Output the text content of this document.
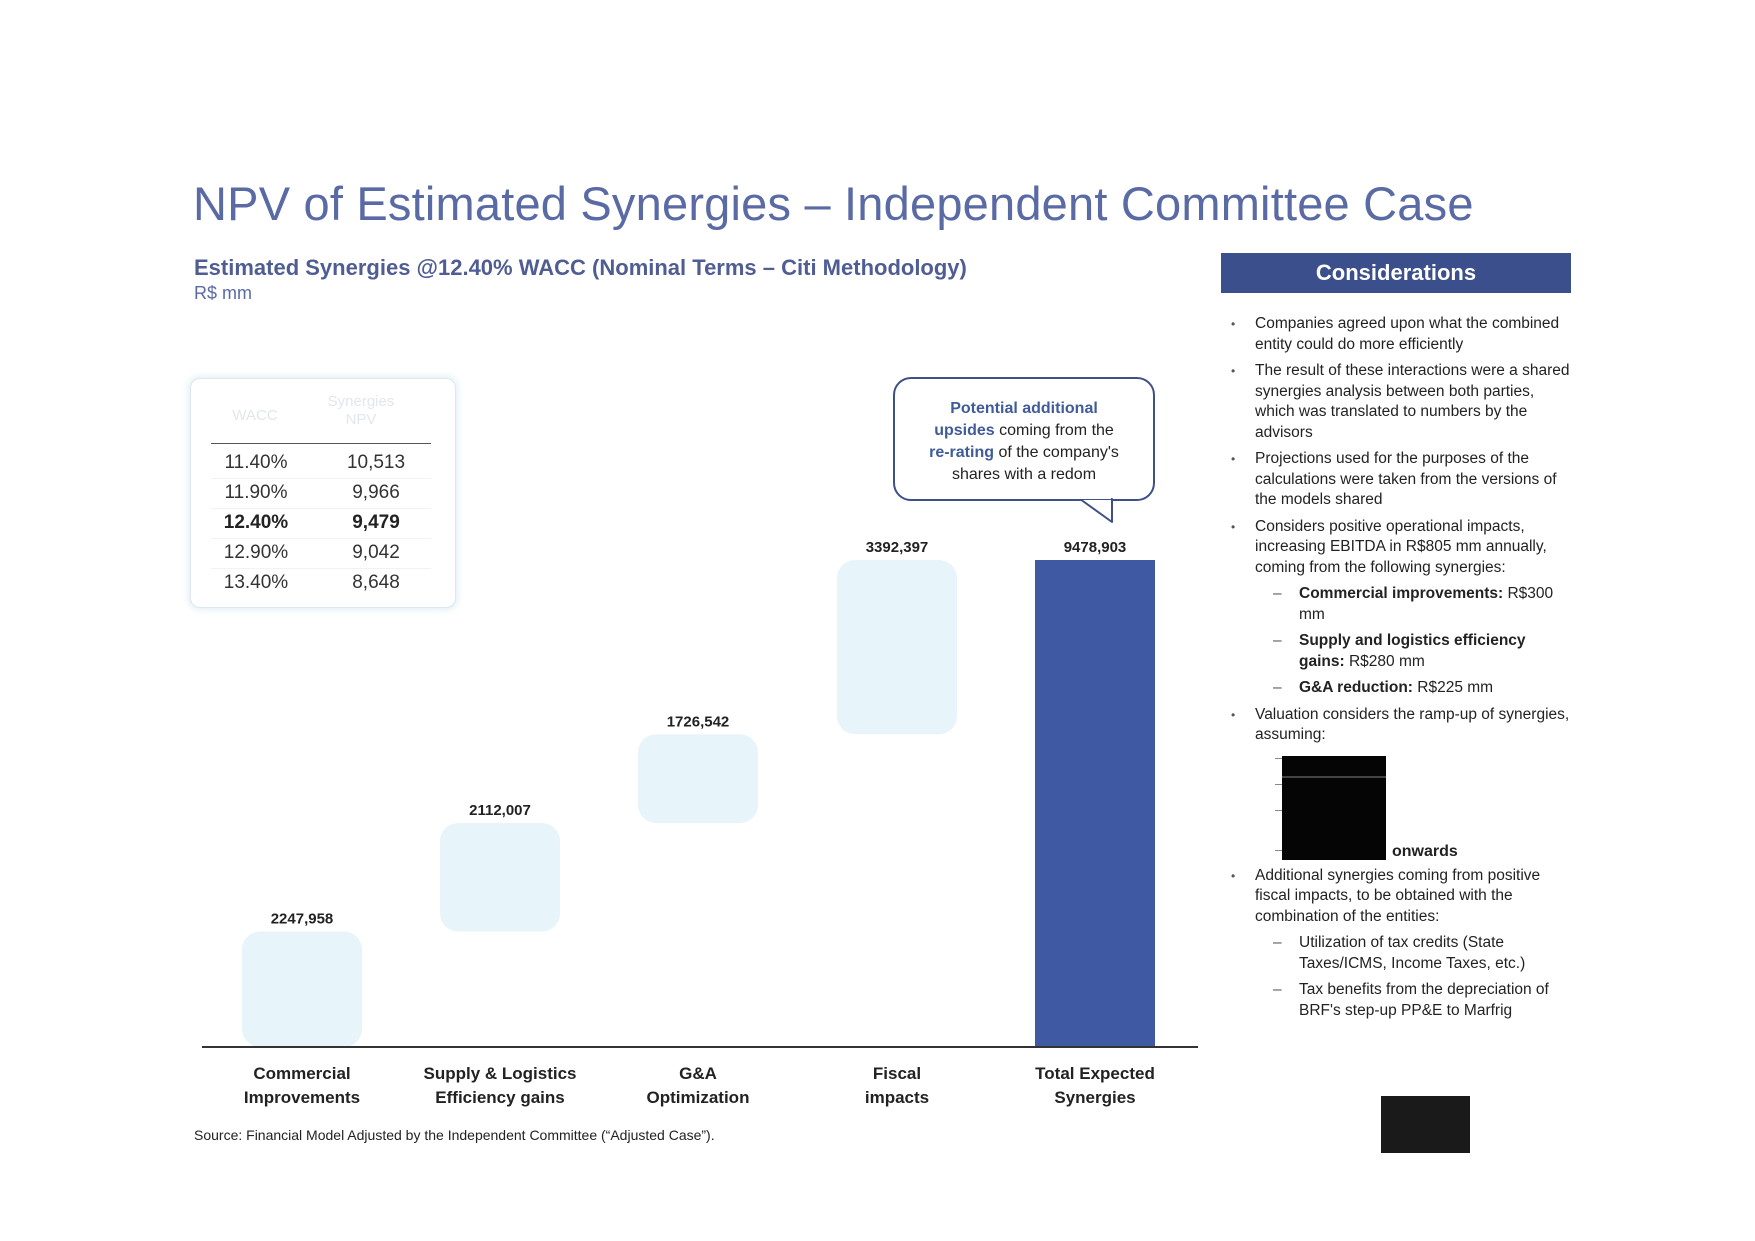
NPV of Estimated Synergies – Independent Committee Case
Estimated Synergies @12.40% WACC (Nominal Terms – Citi Methodology)
R$ mm
2247,958
Commercial
Improvements
2112,007
Supply & Logistics
Efficiency gains
1726,542
G&A
Optimization
3392,397
Fiscal
impacts
9478,903
Total Expected
Synergies
WACC
Synergies NPV
11.40%	10,513
11.90%	9,966
12.40%	9,479
12.90%	9,042
13.40%	8,648
Potential additional
upsides coming from the
re-rating of the company's
shares with a redom
Source: Financial Model Adjusted by the Independent Committee (“Adjusted Case”).
Considerations
• Companies agreed upon what the combined entity could do more efficiently
• The result of these interactions were a shared synergies analysis between both parties, which was translated to numbers by the advisors
• Projections used for the purposes of the calculations were taken from the versions of the models shared
• Considers positive operational impacts, increasing EBITDA in R$805 mm annually, coming from the following synergies:
– Commercial improvements: R$300 mm
– Supply and logistics efficiency gains: R$280 mm
– G&A reduction: R$225 mm
• Valuation considers the ramp-up of synergies, assuming:
onwards
• Additional synergies coming from positive fiscal impacts, to be obtained with the combination of the entities:
– Utilization of tax credits (State Taxes/ICMS, Income Taxes, etc.)
– Tax benefits from the depreciation of BRF's step-up PP&E to Marfrig
